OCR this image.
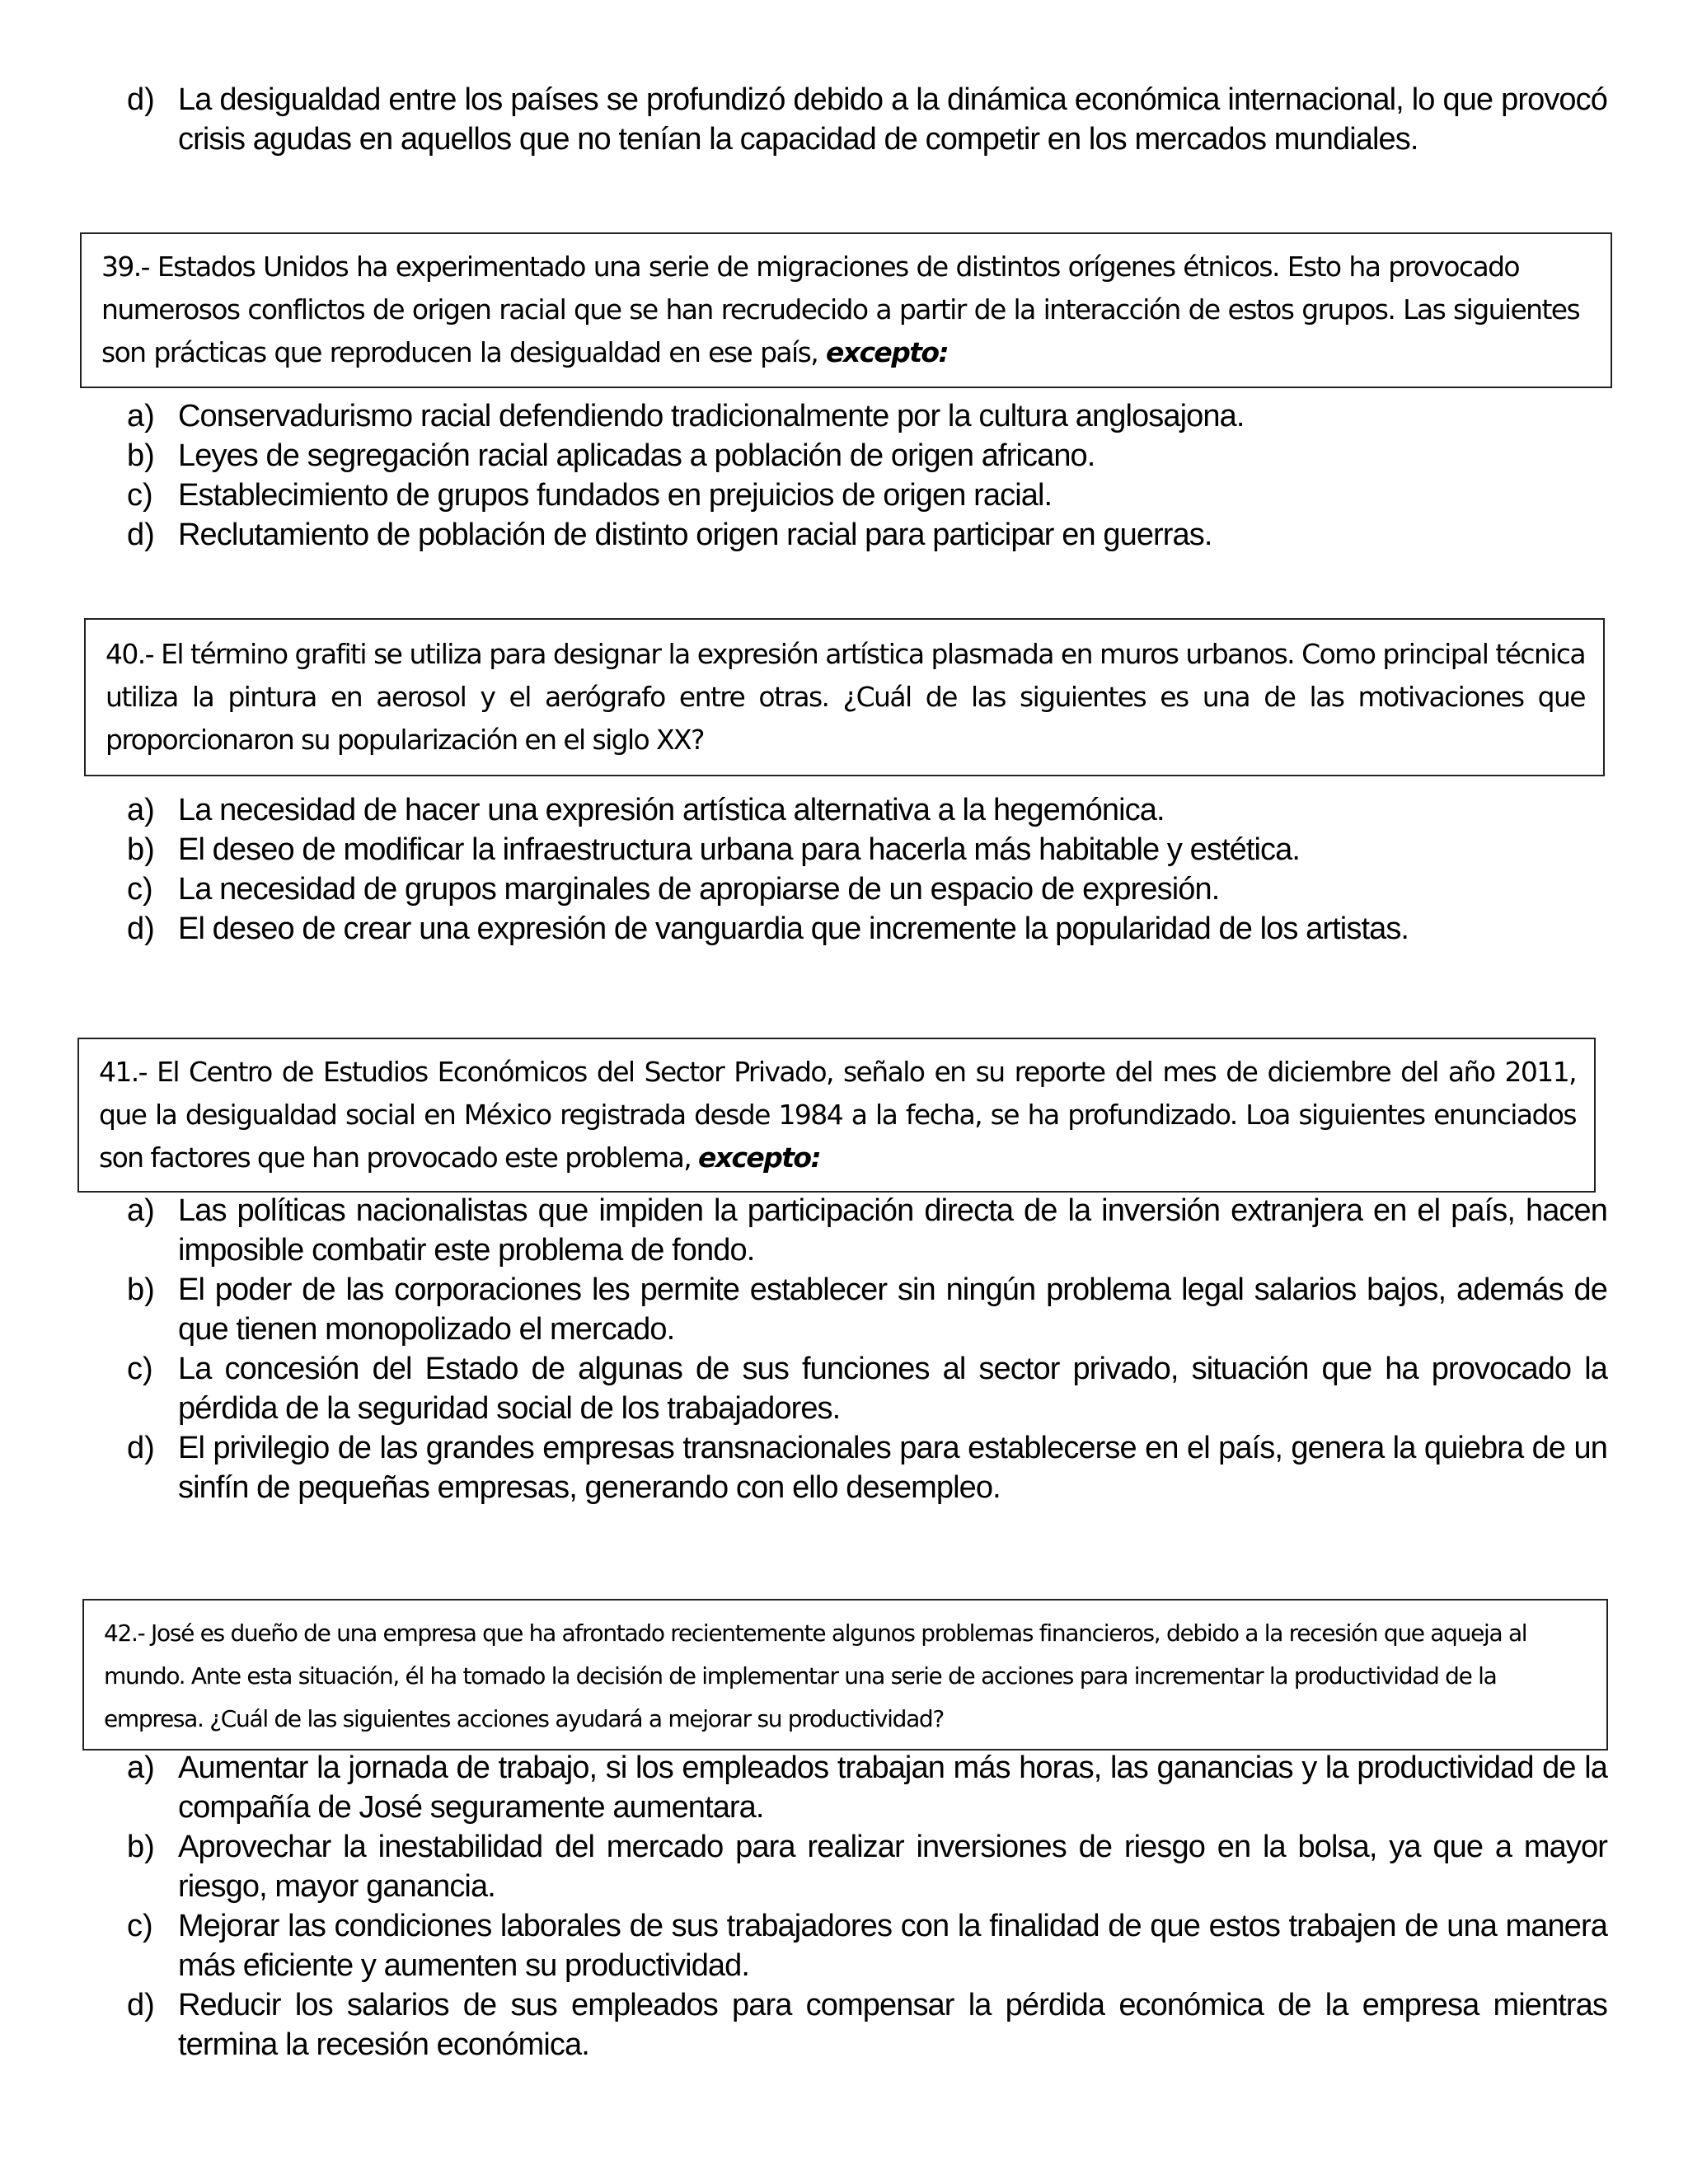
d) La desigualdad entre los países se profundizó debido a la dinámica económica internacional, lo que provocó crisis agudas en aquellos que no tenían la capacidad de competir en los mercados mundiales.
39.- Estados Unidos ha experimentado una serie de migraciones de distintos orígenes étnicos. Esto ha provocado numerosos conflictos de origen racial que se han recrudecido a partir de la interacción de estos grupos. Las siguientes son prácticas que reproducen la desigualdad en ese país, excepto:
a) Conservadurismo racial defendiendo tradicionalmente por la cultura anglosajona.
b) Leyes de segregación racial aplicadas a población de origen africano.
c) Establecimiento de grupos fundados en prejuicios de origen racial.
d) Reclutamiento de población de distinto origen racial para participar en guerras.
40.- El término grafiti se utiliza para designar la expresión artística plasmada en muros urbanos. Como principal técnica utiliza la pintura en aerosol y el aerógrafo entre otras. ¿Cuál de las siguientes es una de las motivaciones que proporcionaron su popularización en el siglo XX?
a) La necesidad de hacer una expresión artística alternativa a la hegemónica.
b) El deseo de modificar la infraestructura urbana para hacerla más habitable y estética.
c) La necesidad de grupos marginales de apropiarse de un espacio de expresión.
d) El deseo de crear una expresión de vanguardia que incremente la popularidad de los artistas.
a) Las políticas nacionalistas que impiden la participación directa de la inversión extranjera en el país, hacen imposible combatir este problema de fondo.
b) El poder de las corporaciones les permite establecer sin ningún problema legal salarios bajos, además de que tienen monopolizado el mercado.
c) La concesión del Estado de algunas de sus funciones al sector privado, situación que ha provocado la pérdida de la seguridad social de los trabajadores.
d) El privilegio de las grandes empresas transnacionales para establecerse en el país, genera la quiebra de un sinfín de pequeñas empresas, generando con ello desempleo.
41.- El Centro de Estudios Económicos del Sector Privado, señalo en su reporte del mes de diciembre del año 2011, que la desigualdad social en México registrada desde 1984 a la fecha, se ha profundizado. Loa siguientes enunciados son factores que han provocado este problema, excepto:
a) Aumentar la jornada de trabajo, si los empleados trabajan más horas, las ganancias y la productividad de la compañía de José seguramente aumentara.
b) Aprovechar la inestabilidad del mercado para realizar inversiones de riesgo en la bolsa, ya que a mayor riesgo, mayor ganancia.
c) Mejorar las condiciones laborales de sus trabajadores con la finalidad de que estos trabajen de una manera más eficiente y aumenten su productividad.
d) Reducir los salarios de sus empleados para compensar la pérdida económica de la empresa mientras termina la recesión económica.
42.- José es dueño de una empresa que ha afrontado recientemente algunos problemas financieros, debido a la recesión que aqueja al mundo. Ante esta situación, él ha tomado la decisión de implementar una serie de acciones para incrementar la productividad de la empresa. ¿Cuál de las siguientes acciones ayudará a mejorar su productividad?
